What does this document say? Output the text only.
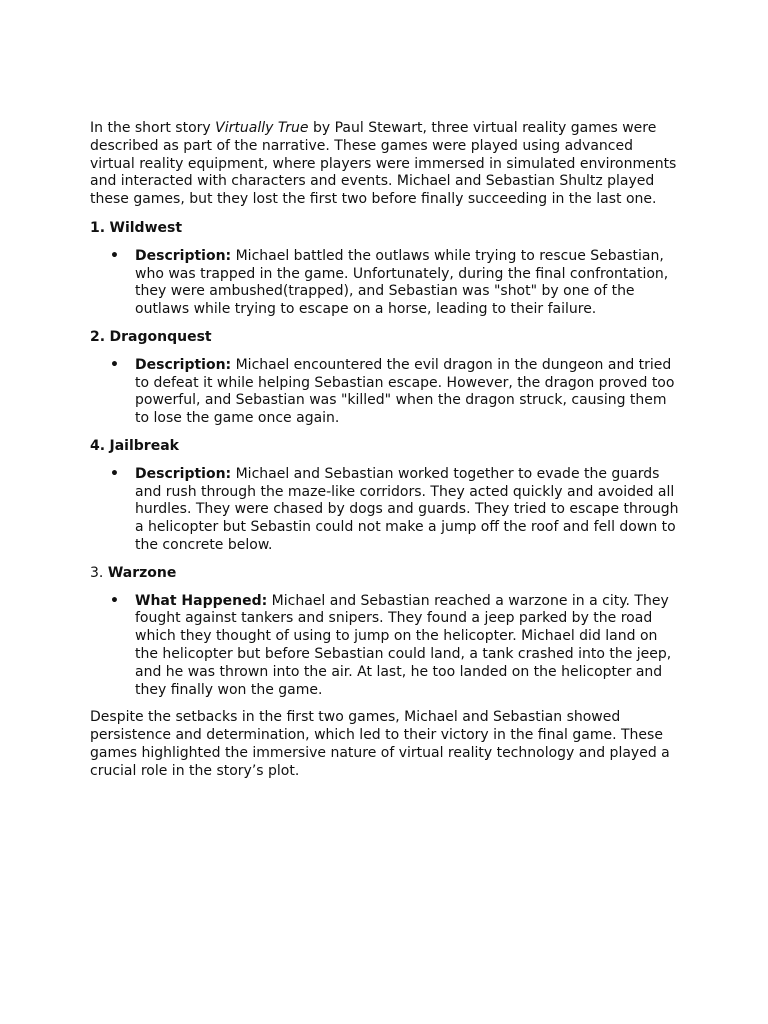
In the short story Virtually True by Paul Stewart, three virtual reality games were described as part of the narrative. These games were played using advanced virtual reality equipment, where players were immersed in simulated environments and interacted with characters and events. Michael and Sebastian Shultz played these games, but they lost the first two before finally succeeding in the last one.

1. Wildwest

• Description: Michael battled the outlaws while trying to rescue Sebastian, who was trapped in the game. Unfortunately, during the final confrontation, they were ambushed(trapped), and Sebastian was "shot" by one of the outlaws while trying to escape on a horse, leading to their failure.

2. Dragonquest

• Description: Michael encountered the evil dragon in the dungeon and tried to defeat it while helping Sebastian escape. However, the dragon proved too powerful, and Sebastian was "killed" when the dragon struck, causing them to lose the game once again.

4. Jailbreak

• Description: Michael and Sebastian worked together to evade the guards and rush through the maze-like corridors. They acted quickly and avoided all hurdles. They were chased by dogs and guards. They tried to escape through a helicopter but Sebastin could not make a jump off the roof and fell down to the concrete below.

3. Warzone

• What Happened: Michael and Sebastian reached a warzone in a city. They fought against tankers and snipers. They found a jeep parked by the road which they thought of using to jump on the helicopter. Michael did land on the helicopter but before Sebastian could land, a tank crashed into the jeep, and he was thrown into the air. At last, he too landed on the helicopter and they finally won the game.

Despite the setbacks in the first two games, Michael and Sebastian showed persistence and determination, which led to their victory in the final game. These games highlighted the immersive nature of virtual reality technology and played a crucial role in the story’s plot.
